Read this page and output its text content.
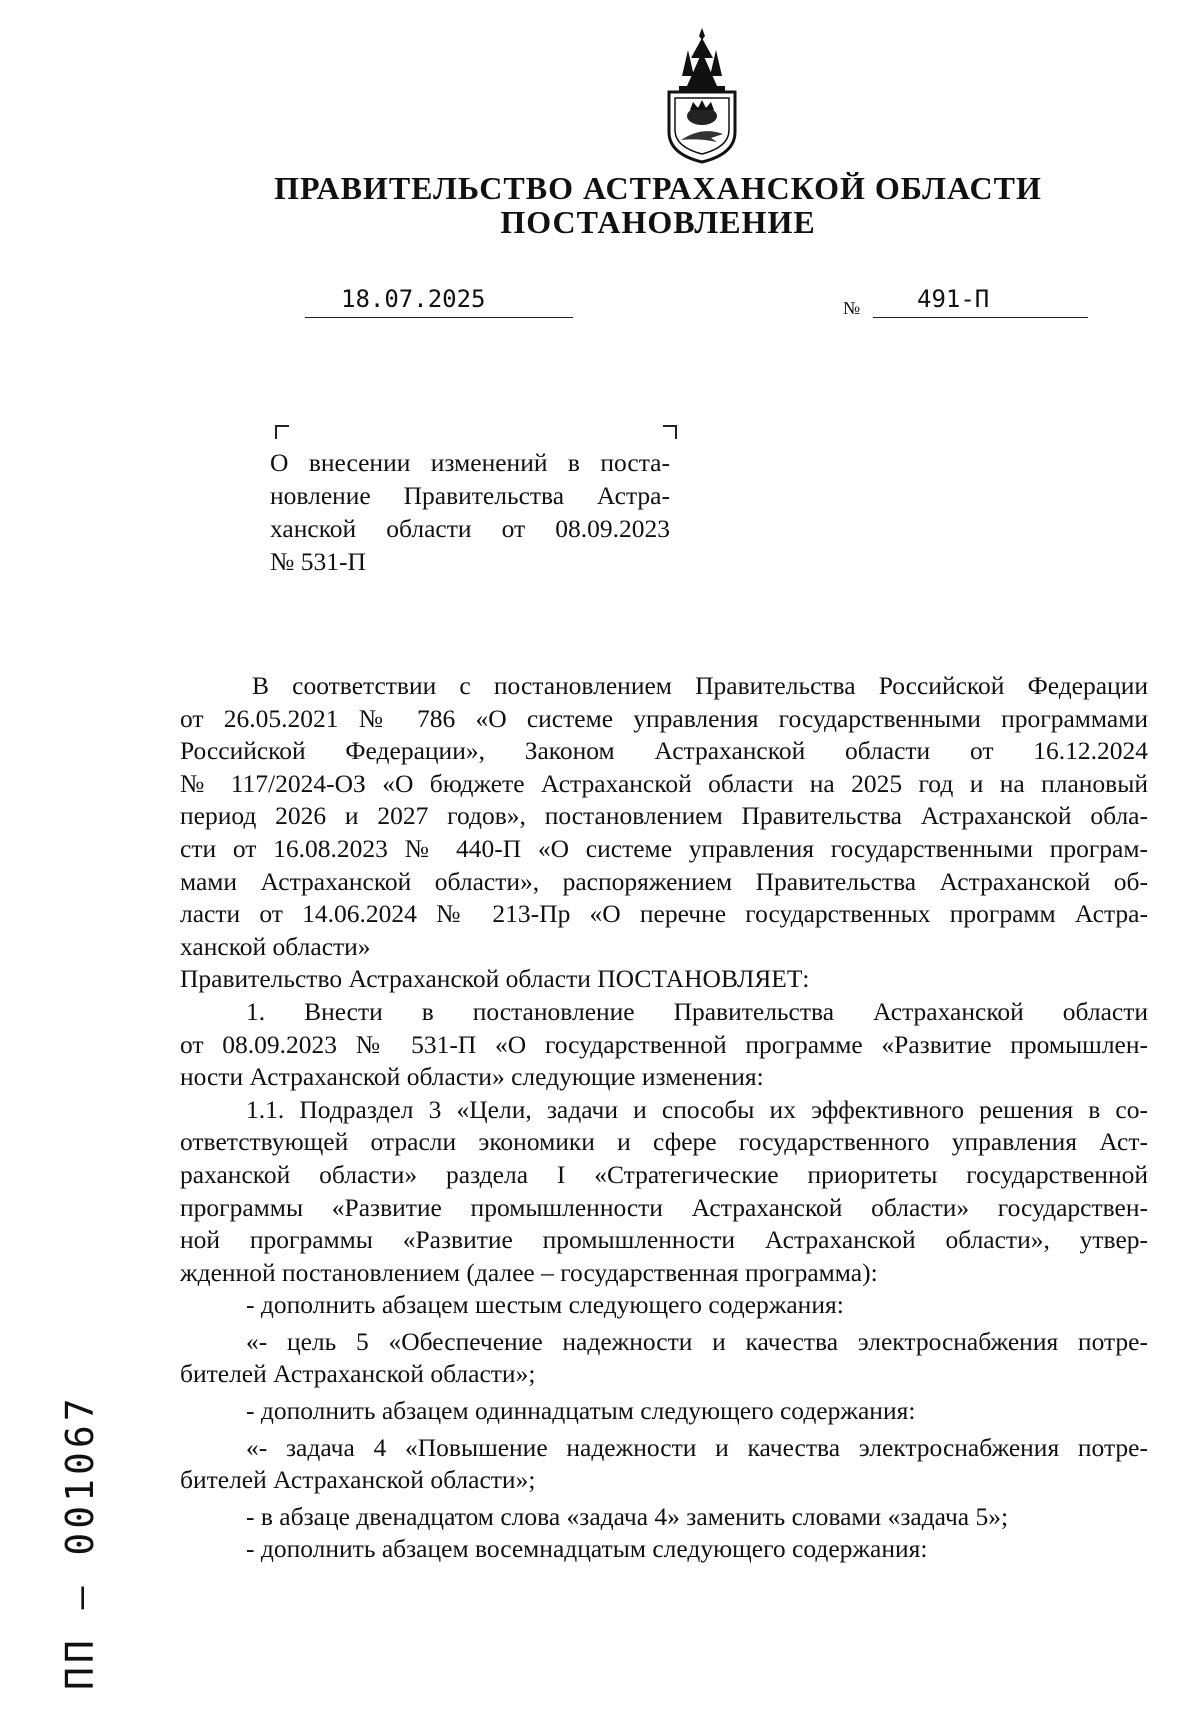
ПРАВИТЕЛЬСТВО АСТРАХАНСКОЙ ОБЛАСТИ
ПОСТАНОВЛЕНИЕ
18.07.2025	№ 491-П

О внесении изменений в поста-
новление Правительства Астра-
ханской области от 08.09.2023
№ 531-П

В соответствии с постановлением Правительства Российской Федерации
от 26.05.2021 № 786 «О системе управления государственными программами
Российской Федерации», Законом Астраханской области от 16.12.2024
№ 117/2024-ОЗ «О бюджете Астраханской области на 2025 год и на плановый
период 2026 и 2027 годов», постановлением Правительства Астраханской обла-
сти от 16.08.2023 № 440-П «О системе управления государственными програм-
мами Астраханской области», распоряжением Правительства Астраханской об-
ласти от 14.06.2024 № 213-Пр «О перечне государственных программ Астра-
ханской области»
Правительство Астраханской области ПОСТАНОВЛЯЕТ:
1. Внести в постановление Правительства Астраханской области
от 08.09.2023 № 531-П «О государственной программе «Развитие промышлен-
ности Астраханской области» следующие изменения:
1.1. Подраздел 3 «Цели, задачи и способы их эффективного решения в со-
ответствующей отрасли экономики и сфере государственного управления Аст-
раханской области» раздела I «Стратегические приоритеты государственной
программы «Развитие промышленности Астраханской области» государствен-
ной программы «Развитие промышленности Астраханской области», утвер-
жденной постановлением (далее – государственная программа):
- дополнить абзацем шестым следующего содержания:
«- цель 5 «Обеспечение надежности и качества электроснабжения потре-
бителей Астраханской области»;
- дополнить абзацем одиннадцатым следующего содержания:
«- задача 4 «Повышение надежности и качества электроснабжения потре-
бителей Астраханской области»;
- в абзаце двенадцатом слова «задача 4» заменить словами «задача 5»;
- дополнить абзацем восемнадцатым следующего содержания:
ПП – 001067
